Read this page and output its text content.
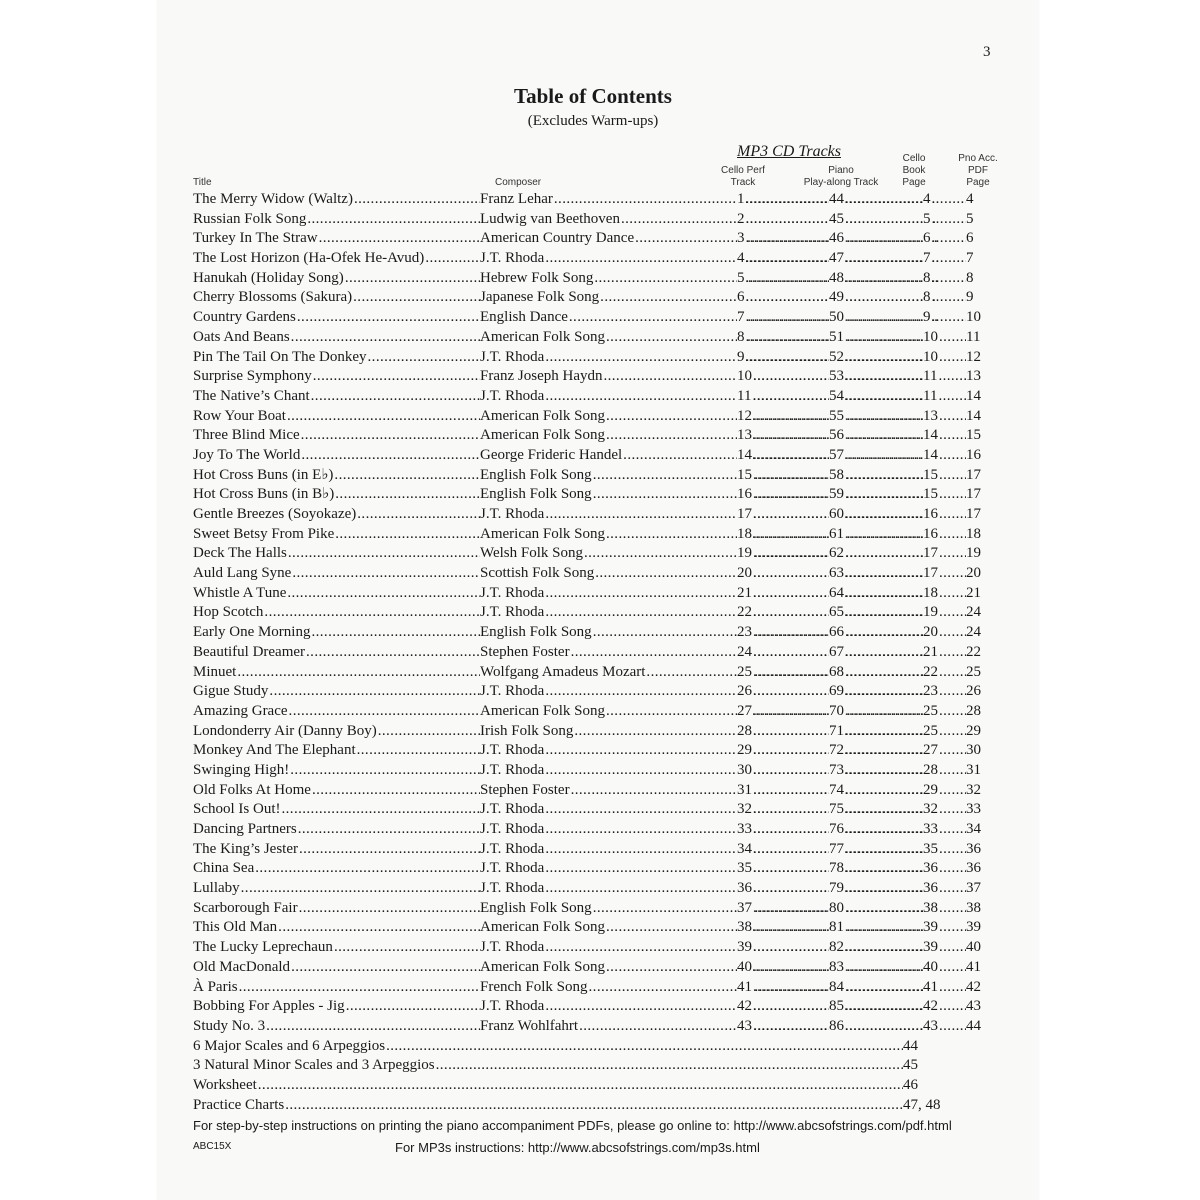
3
Table of Contents
(Excludes Warm-ups)
MP3 CD Tracks
Title	Composer
Cello Perf
Track
Piano
Play-along Track
Cello
Book
Page
Pno Acc.
PDF
Page
The Merry Widow (Waltz) .....	Franz Lehar .....	1 .....	44 .....	4 .....	4
Russian Folk Song .....	Ludwig van Beethoven .....	2 .....	45 .....	5 .....	5
Turkey In The Straw .....	American Country Dance .....	3 .....	46 .....	6 .....	6
The Lost Horizon (Ha-Ofek He-Avud) .....	J.T. Rhoda .....	4 .....	47 .....	7 .....	7
Hanukah (Holiday Song) .....	Hebrew Folk Song .....	5 .....	48 .....	8 .....	8
Cherry Blossoms (Sakura) .....	Japanese Folk Song .....	6 .....	49 .....	8 .....	9
Country Gardens .....	English Dance .....	7 .....	50 .....	9 .....	10
Oats And Beans .....	American Folk Song .....	8 .....	51 .....	10 .....	11
Pin The Tail On The Donkey .....	J.T. Rhoda .....	9 .....	52 .....	10 .....	12
Surprise Symphony .....	Franz Joseph Haydn .....	10 .....	53 .....	11 .....	13
The Native’s Chant .....	J.T. Rhoda .....	11 .....	54 .....	11 .....	14
Row Your Boat .....	American Folk Song .....	12 .....	55 .....	13 .....	14
Three Blind Mice .....	American Folk Song .....	13 .....	56 .....	14 .....	15
Joy To The World .....	George Frideric Handel .....	14 .....	57 .....	14 .....	16
Hot Cross Buns (in E♭) .....	English Folk Song .....	15 .....	58 .....	15 .....	17
Hot Cross Buns (in B♭) .....	English Folk Song .....	16 .....	59 .....	15 .....	17
Gentle Breezes (Soyokaze) .....	J.T. Rhoda .....	17 .....	60 .....	16 .....	17
Sweet Betsy From Pike .....	American Folk Song .....	18 .....	61 .....	16 .....	18
Deck The Halls .....	Welsh Folk Song .....	19 .....	62 .....	17 .....	19
Auld Lang Syne .....	Scottish Folk Song .....	20 .....	63 .....	17 .....	20
Whistle A Tune .....	J.T. Rhoda .....	21 .....	64 .....	18 .....	21
Hop Scotch .....	J.T. Rhoda .....	22 .....	65 .....	19 .....	24
Early One Morning .....	English Folk Song .....	23 .....	66 .....	20 .....	24
Beautiful Dreamer .....	Stephen Foster .....	24 .....	67 .....	21 .....	22
Minuet .....	Wolfgang Amadeus Mozart .....	25 .....	68 .....	22 .....	25
Gigue Study .....	J.T. Rhoda .....	26 .....	69 .....	23 .....	26
Amazing Grace .....	American Folk Song .....	27 .....	70 .....	25 .....	28
Londonderry Air (Danny Boy) .....	Irish Folk Song .....	28 .....	71 .....	25 .....	29
Monkey And The Elephant .....	J.T. Rhoda .....	29 .....	72 .....	27 .....	30
Swinging High! .....	J.T. Rhoda .....	30 .....	73 .....	28 .....	31
Old Folks At Home .....	Stephen Foster .....	31 .....	74 .....	29 .....	32
School Is Out! .....	J.T. Rhoda .....	32 .....	75 .....	32 .....	33
Dancing Partners .....	J.T. Rhoda .....	33 .....	76 .....	33 .....	34
The King’s Jester .....	J.T. Rhoda .....	34 .....	77 .....	35 .....	36
China Sea .....	J.T. Rhoda .....	35 .....	78 .....	36 .....	36
Lullaby .....	J.T. Rhoda .....	36 .....	79 .....	36 .....	37
Scarborough Fair .....	English Folk Song .....	37 .....	80 .....	38 .....	38
This Old Man .....	American Folk Song .....	38 .....	81 .....	39 .....	39
The Lucky Leprechaun .....	J.T. Rhoda .....	39 .....	82 .....	39 .....	40
Old MacDonald .....	American Folk Song .....	40 .....	83 .....	40 .....	41
À Paris .....	French Folk Song .....	41 .....	84 .....	41 .....	42
Bobbing For Apples - Jig .....	J.T. Rhoda .....	42 .....	85 .....	42 .....	43
Study No. 3 .....	Franz Wohlfahrt .....	43 .....	86 .....	43 .....	44
6 Major Scales and 6 Arpeggios .....	44
3 Natural Minor Scales and 3 Arpeggios .....	45
Worksheet .....	46
Practice Charts .....	47, 48
For step-by-step instructions on printing the piano accompaniment PDFs, please go online to: http://www.abcsofstrings.com/pdf.html
ABC15X	For MP3s instructions: http://www.abcsofstrings.com/mp3s.html
